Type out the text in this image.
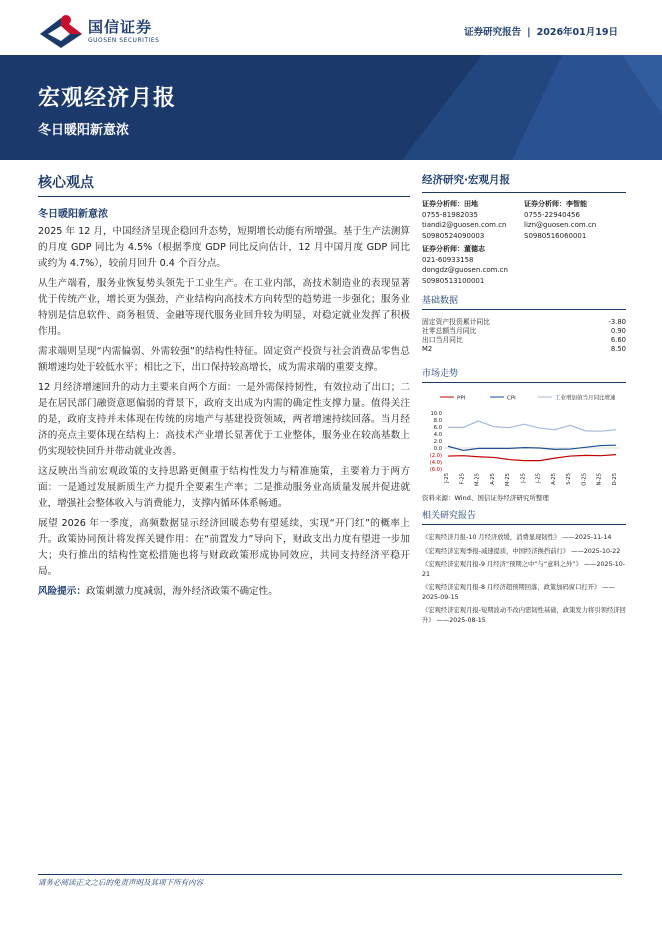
国信证券
GUOSEN SECURITIES
证券研究报告 | 2026年01月19日
宏观经济月报
冬日暖阳新意浓
核心观点
冬日暖阳新意浓

2025 年 12 月，中国经济呈现企稳回升态势，短期增长动能有所增强。基于生产法测算的月度 GDP 同比为 4.5%（根据季度 GDP 同比反向估计，12 月中国月度 GDP 同比或约为 4.7%），较前月回升 0.4 个百分点。

从生产端看，服务业恢复势头领先于工业生产。在工业内部，高技术制造业的表现显著优于传统产业，增长更为强劲，产业结构向高技术方向转型的趋势进一步强化；服务业特别是信息软件、商务租赁、金融等现代服务业回升较为明显，对稳定就业发挥了积极作用。

需求端则呈现“内需偏弱、外需较强”的结构性特征。固定资产投资与社会消费品零售总额增速均处于较低水平；相比之下，出口保持较高增长，成为需求端的重要支撑。

12 月经济增速回升的动力主要来自两个方面：一是外需保持韧性，有效拉动了出口；二是在居民部门融资意愿偏弱的背景下，政府支出成为内需的确定性支撑力量。值得关注的是，政府支持并未体现在传统的房地产与基建投资领域，两者增速持续回落。当月经济的亮点主要体现在结构上：高技术产业增长显著优于工业整体，服务业在较高基数上仍实现较快回升并带动就业改善。

这反映出当前宏观政策的支持思路更侧重于结构性发力与精准施策，主要着力于两方面：一是通过发展新质生产力提升全要素生产率；二是推动服务业高质量发展并促进就业，增强社会整体收入与消费能力，支撑内循环体系畅通。

展望 2026 年一季度，高频数据显示经济回暖态势有望延续，实现“开门红”的概率上升。政策协同预计将发挥关键作用：在“前置发力”导向下，财政支出力度有望进一步加大；央行推出的结构性宽松措施也将与财政政策形成协同效应，共同支持经济平稳开局。

风险提示：政策刺激力度减弱，海外经济政策不确定性。

经济研究·宏观月报
证券分析师：田地
0755-81982035
tiandi2@guosen.com.cn
S0980524090003
证券分析师：李智能
0755-22940456
lizn@guosen.com.cn
S0980516060001
证券分析师：董德志
021-60933158
dongdz@guosen.com.cn
S0980513100001
基础数据
固定资产投资累计同比	-3.80
社零总额当月同比	0.90
出口当月同比	6.60
M2	8.50
市场走势
PPI	CPI	工业增加值当月同比增速
10.0
8.0
6.0
4.0
2.0
0.0
(2.0)
(4.0)
(6.0)
J-25 F-25 M-25 A-25 M-25 J-25 J-25 A-25 S-25 O-25 N-25 D-25
资料来源：Wind、国信证券经济研究所整理
相关研究报告
《宏观经济月报-10 月经济放缓，消费显现韧性》 ——2025-11-14
《宏观经济宏观季报-减速提质，中国经济换挡前行》 ——2025-10-22
《宏观经济宏观月报-9 月经济“预期之中”与“意料之外”》 ——2025-10-21
《宏观经济宏观月报-8 月经济超预期回落，政策加码窗口打开》 ——2025-09-15
《宏观经济宏观月报-短期波动不改内需韧性基础，政策发力将引领经济回升》 ——2025-08-15
请务必阅读正文之后的免责声明及其项下所有内容
